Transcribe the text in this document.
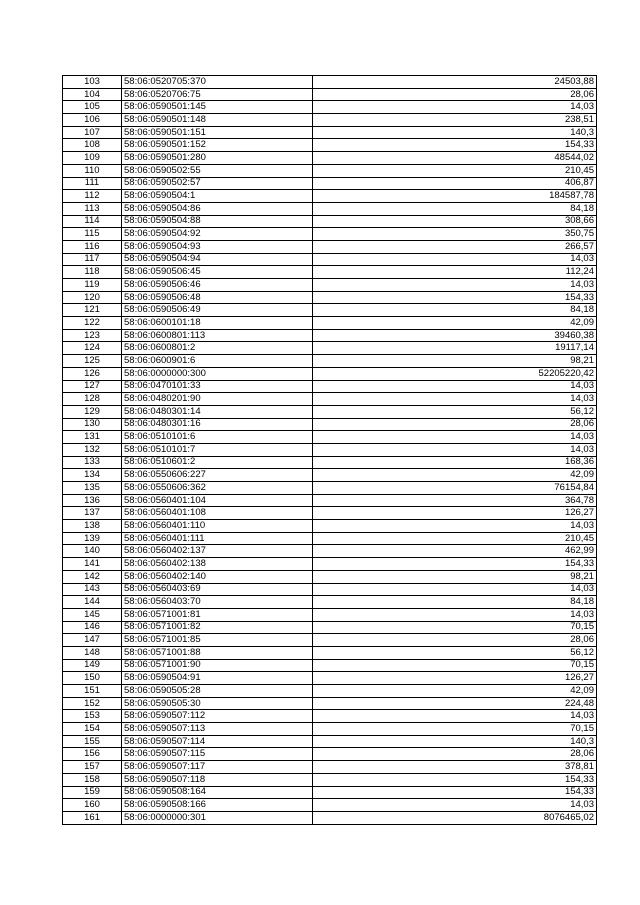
103	58:06:0520705:370	24503,88
104	58:06:0520706:75	28,06
105	58:06:0590501:145	14,03
106	58:06:0590501:148	238,51
107	58:06:0590501:151	140,3
108	58:06:0590501:152	154,33
109	58:06:0590501:280	48544,02
110	58:06:0590502:55	210,45
111	58:06:0590502:57	406,87
112	58:06:0590504:1	184587,78
113	58:06:0590504:86	84,18
114	58:06:0590504:88	308,66
115	58:06:0590504:92	350,75
116	58:06:0590504:93	266,57
117	58:06:0590504:94	14,03
118	58:06:0590506:45	112,24
119	58:06:0590506:46	14,03
120	58:06:0590506:48	154,33
121	58:06:0590506:49	84,18
122	58:06:0600101:18	42,09
123	58:06:0600801:113	39460,38
124	58:06:0600801:2	19117,14
125	58:06:0600901:6	98,21
126	58:06:0000000:300	52205220,42
127	58:06:0470101:33	14,03
128	58:06:0480201:90	14,03
129	58:06:0480301:14	56,12
130	58:06:0480301:16	28,06
131	58:06:0510101:6	14,03
132	58:06:0510101:7	14,03
133	58:06:0510601:2	168,36
134	58:06:0550606:227	42,09
135	58:06:0550606:362	76154,84
136	58:06:0560401:104	364,78
137	58:06:0560401:108	126,27
138	58:06:0560401:110	14,03
139	58:06:0560401:111	210,45
140	58:06:0560402:137	462,99
141	58:06:0560402:138	154,33
142	58:06:0560402:140	98,21
143	58:06:0560403:69	14,03
144	58:06:0560403:70	84,18
145	58:06:0571001:81	14,03
146	58:06:0571001:82	70,15
147	58:06:0571001:85	28,06
148	58:06:0571001:88	56,12
149	58:06:0571001:90	70,15
150	58:06:0590504:91	126,27
151	58:06:0590505:28	42,09
152	58:06:0590505:30	224,48
153	58:06:0590507:112	14,03
154	58:06:0590507:113	70,15
155	58:06:0590507:114	140,3
156	58:06:0590507:115	28,06
157	58:06:0590507:117	378,81
158	58:06:0590507:118	154,33
159	58:06:0590508:164	154,33
160	58:06:0590508:166	14,03
161	58:06:0000000:301	8076465,02
